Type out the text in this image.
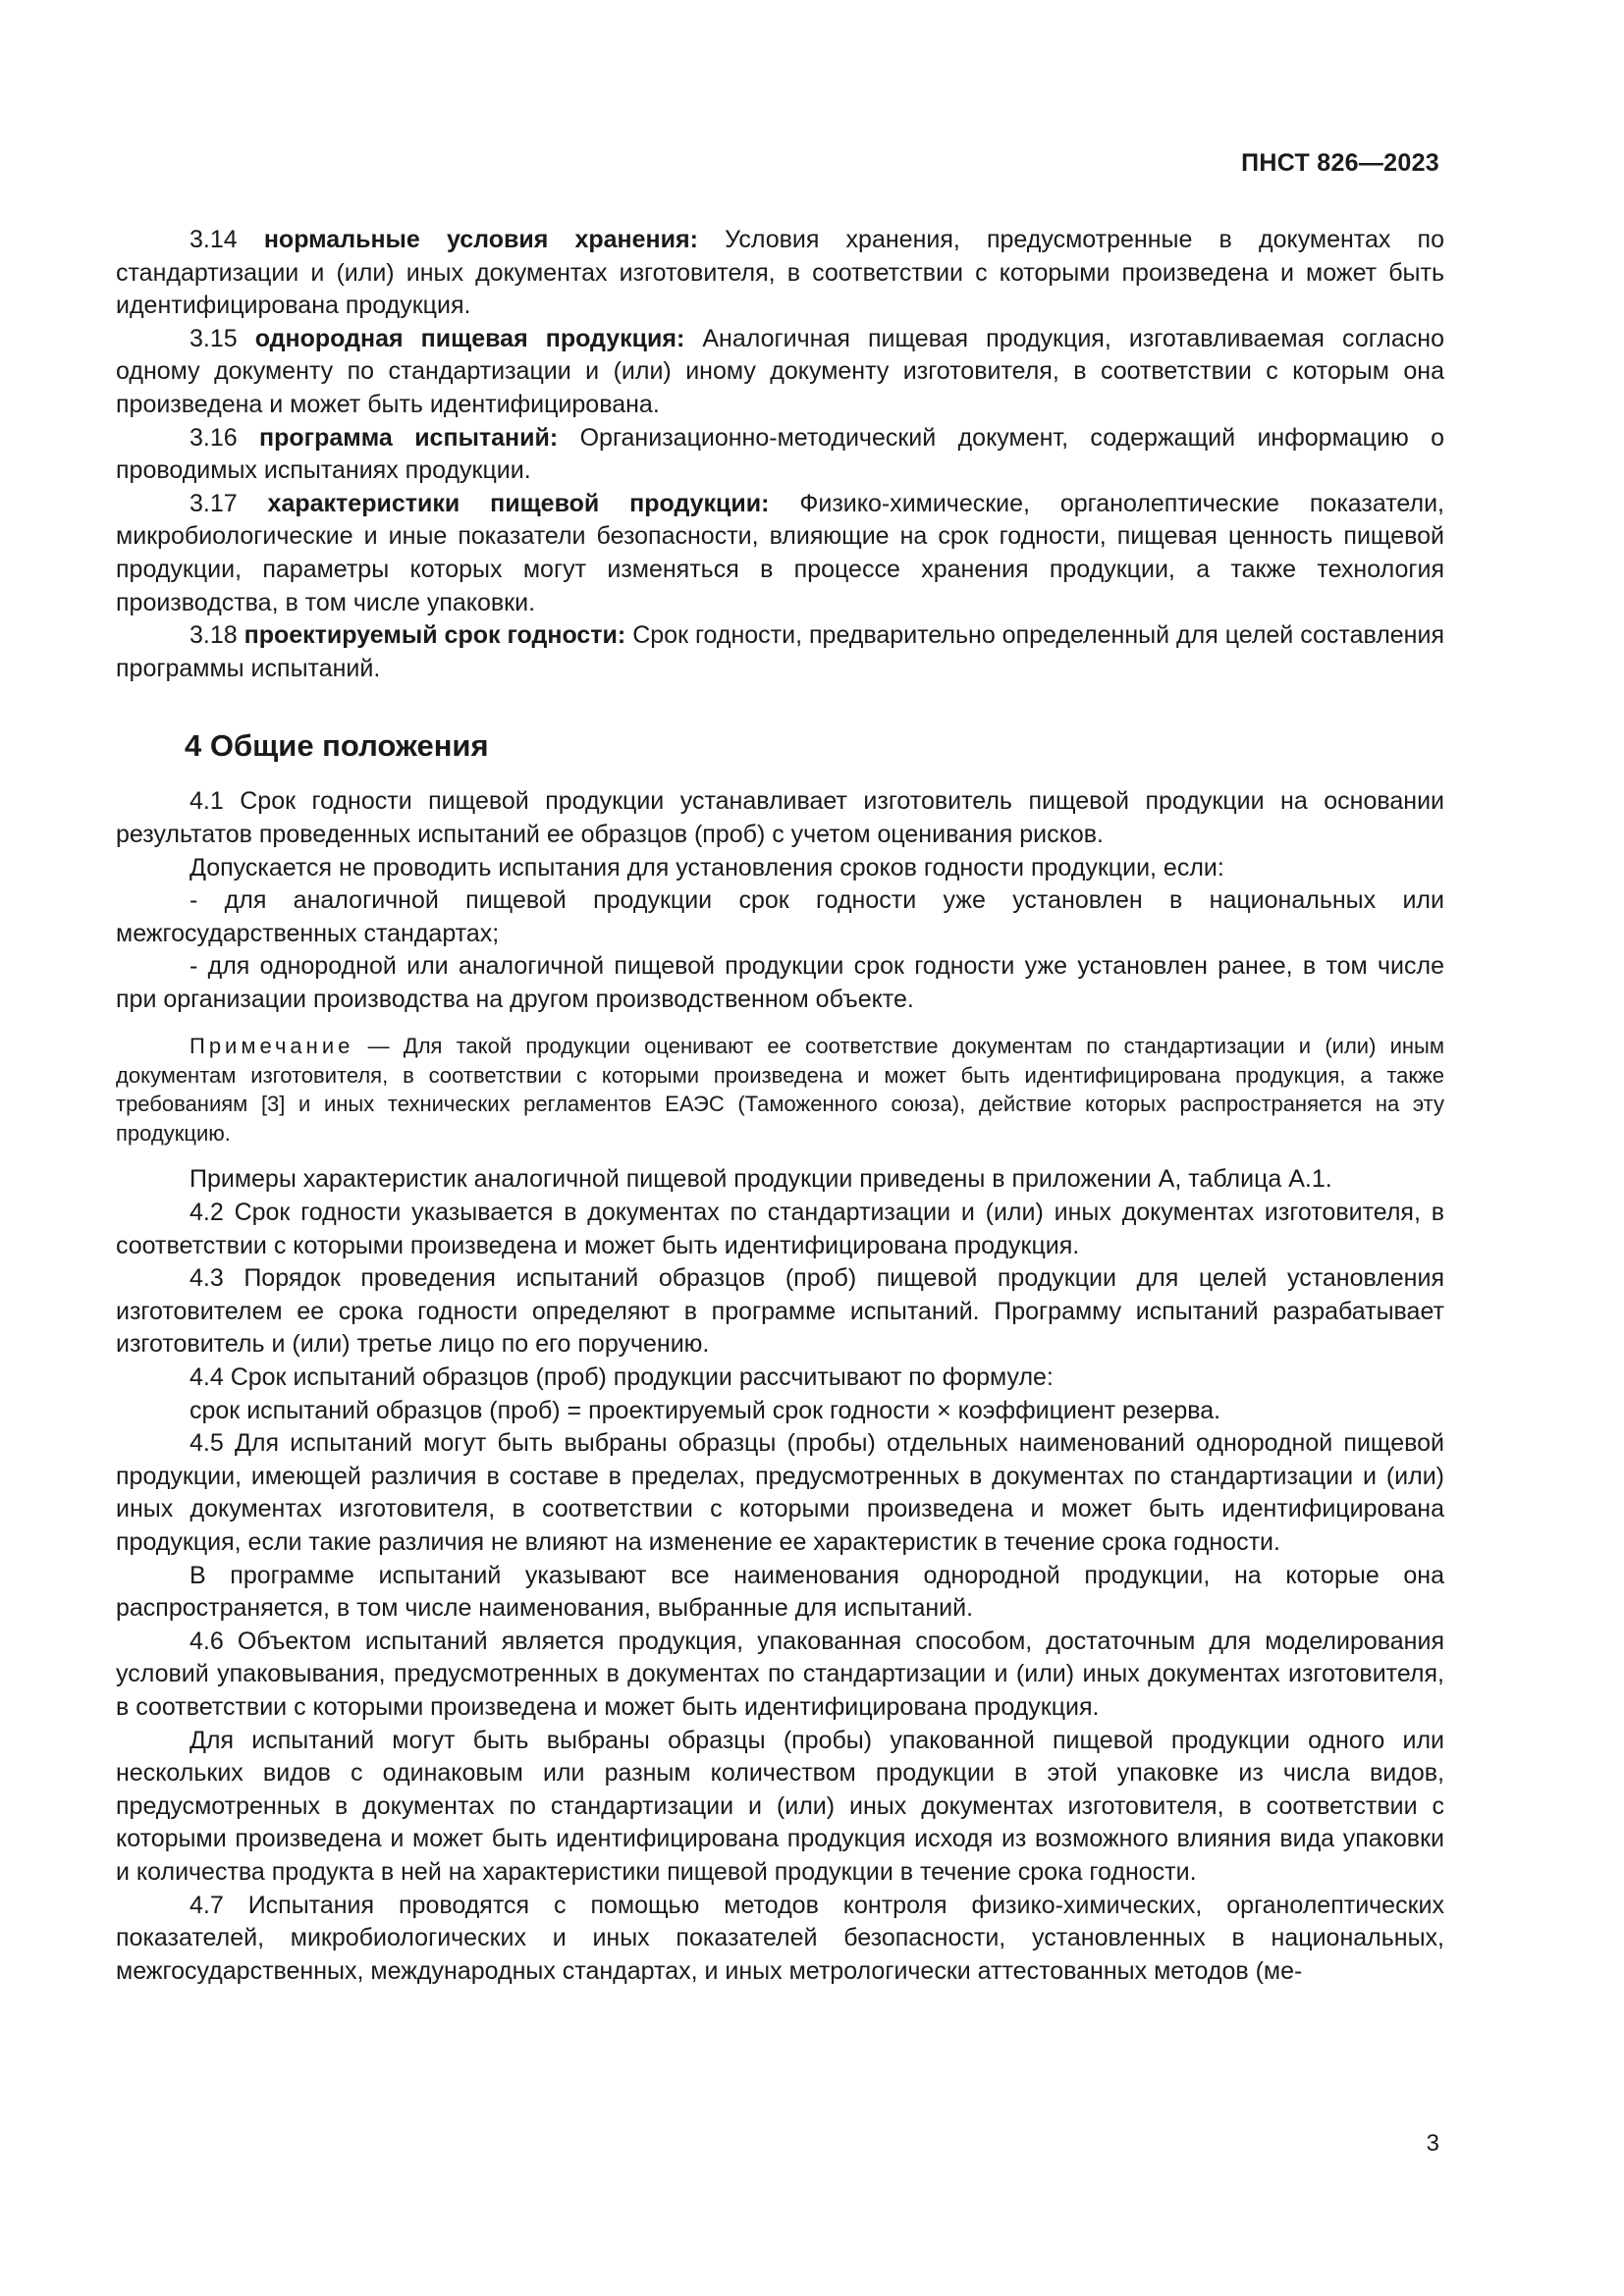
ПНСТ 826—2023

3.14 нормальные условия хранения: Условия хранения, предусмотренные в документах по стандартизации и (или) иных документах изготовителя, в соответствии с которыми произведена и может быть идентифицирована продукция.

3.15 однородная пищевая продукция: Аналогичная пищевая продукция, изготавливаемая согласно одному документу по стандартизации и (или) иному документу изготовителя, в соответствии с которым она произведена и может быть идентифицирована.

3.16 программа испытаний: Организационно-методический документ, содержащий информацию о проводимых испытаниях продукции.

3.17 характеристики пищевой продукции: Физико-химические, органолептические показатели, микробиологические и иные показатели безопасности, влияющие на срок годности, пищевая ценность пищевой продукции, параметры которых могут изменяться в процессе хранения продукции, а также технология производства, в том числе упаковки.

3.18 проектируемый срок годности: Срок годности, предварительно определенный для целей составления программы испытаний.

4 Общие положения

4.1 Срок годности пищевой продукции устанавливает изготовитель пищевой продукции на основании результатов проведенных испытаний ее образцов (проб) с учетом оценивания рисков.

Допускается не проводить испытания для установления сроков годности продукции, если:

- для аналогичной пищевой продукции срок годности уже установлен в национальных или межгосударственных стандартах;

- для однородной или аналогичной пищевой продукции срок годности уже установлен ранее, в том числе при организации производства на другом производственном объекте.

Примечание — Для такой продукции оценивают ее соответствие документам по стандартизации и (или) иным документам изготовителя, в соответствии с которыми произведена и может быть идентифицирована продукция, а также требованиям [3] и иных технических регламентов ЕАЭС (Таможенного союза), действие которых распространяется на эту продукцию.

Примеры характеристик аналогичной пищевой продукции приведены в приложении А, таблица А.1.

4.2 Срок годности указывается в документах по стандартизации и (или) иных документах изготовителя, в соответствии с которыми произведена и может быть идентифицирована продукция.

4.3 Порядок проведения испытаний образцов (проб) пищевой продукции для целей установления изготовителем ее срока годности определяют в программе испытаний. Программу испытаний разрабатывает изготовитель и (или) третье лицо по его поручению.

4.4 Срок испытаний образцов (проб) продукции рассчитывают по формуле:

срок испытаний образцов (проб) = проектируемый срок годности × коэффициент резерва.

4.5 Для испытаний могут быть выбраны образцы (пробы) отдельных наименований однородной пищевой продукции, имеющей различия в составе в пределах, предусмотренных в документах по стандартизации и (или) иных документах изготовителя, в соответствии с которыми произведена и может быть идентифицирована продукция, если такие различия не влияют на изменение ее характеристик в течение срока годности.

В программе испытаний указывают все наименования однородной продукции, на которые она распространяется, в том числе наименования, выбранные для испытаний.

4.6 Объектом испытаний является продукция, упакованная способом, достаточным для моделирования условий упаковывания, предусмотренных в документах по стандартизации и (или) иных документах изготовителя, в соответствии с которыми произведена и может быть идентифицирована продукция.

Для испытаний могут быть выбраны образцы (пробы) упакованной пищевой продукции одного или нескольких видов с одинаковым или разным количеством продукции в этой упаковке из числа видов, предусмотренных в документах по стандартизации и (или) иных документах изготовителя, в соответствии с которыми произведена и может быть идентифицирована продукция исходя из возможного влияния вида упаковки и количества продукта в ней на характеристики пищевой продукции в течение срока годности.

4.7 Испытания проводятся с помощью методов контроля физико-химических, органолептических показателей, микробиологических и иных показателей безопасности, установленных в национальных, межгосударственных, международных стандартах, и иных метрологически аттестованных методов (ме-

3
